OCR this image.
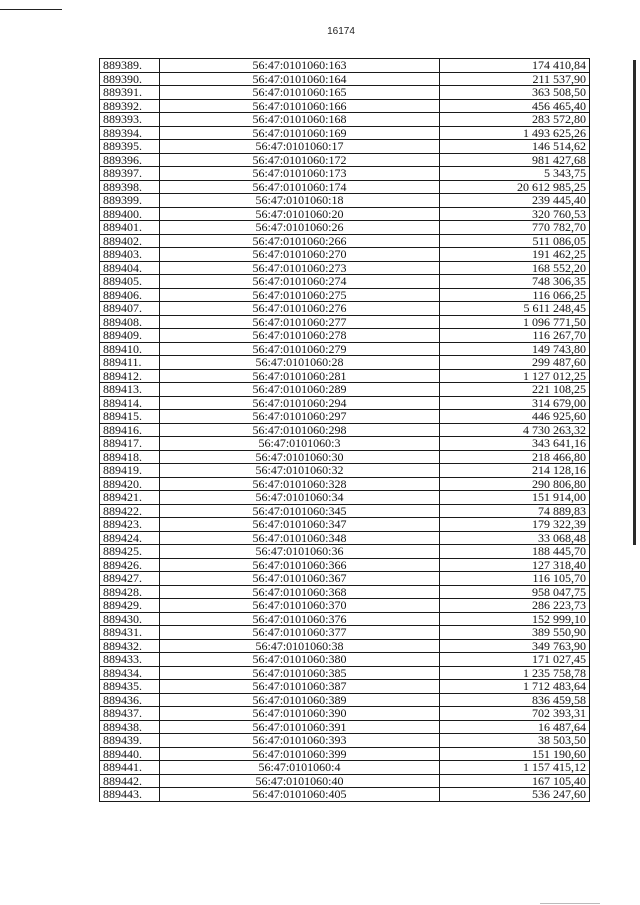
16174
889389.	56:47:0101060:163	174 410,84
889390.	56:47:0101060:164	211 537,90
889391.	56:47:0101060:165	363 508,50
889392.	56:47:0101060:166	456 465,40
889393.	56:47:0101060:168	283 572,80
889394.	56:47:0101060:169	1 493 625,26
889395.	56:47:0101060:17	146 514,62
889396.	56:47:0101060:172	981 427,68
889397.	56:47:0101060:173	5 343,75
889398.	56:47:0101060:174	20 612 985,25
889399.	56:47:0101060:18	239 445,40
889400.	56:47:0101060:20	320 760,53
889401.	56:47:0101060:26	770 782,70
889402.	56:47:0101060:266	511 086,05
889403.	56:47:0101060:270	191 462,25
889404.	56:47:0101060:273	168 552,20
889405.	56:47:0101060:274	748 306,35
889406.	56:47:0101060:275	116 066,25
889407.	56:47:0101060:276	5 611 248,45
889408.	56:47:0101060:277	1 096 771,50
889409.	56:47:0101060:278	116 267,70
889410.	56:47:0101060:279	149 743,80
889411.	56:47:0101060:28	299 487,60
889412.	56:47:0101060:281	1 127 012,25
889413.	56:47:0101060:289	221 108,25
889414.	56:47:0101060:294	314 679,00
889415.	56:47:0101060:297	446 925,60
889416.	56:47:0101060:298	4 730 263,32
889417.	56:47:0101060:3	343 641,16
889418.	56:47:0101060:30	218 466,80
889419.	56:47:0101060:32	214 128,16
889420.	56:47:0101060:328	290 806,80
889421.	56:47:0101060:34	151 914,00
889422.	56:47:0101060:345	74 889,83
889423.	56:47:0101060:347	179 322,39
889424.	56:47:0101060:348	33 068,48
889425.	56:47:0101060:36	188 445,70
889426.	56:47:0101060:366	127 318,40
889427.	56:47:0101060:367	116 105,70
889428.	56:47:0101060:368	958 047,75
889429.	56:47:0101060:370	286 223,73
889430.	56:47:0101060:376	152 999,10
889431.	56:47:0101060:377	389 550,90
889432.	56:47:0101060:38	349 763,90
889433.	56:47:0101060:380	171 027,45
889434.	56:47:0101060:385	1 235 758,78
889435.	56:47:0101060:387	1 712 483,64
889436.	56:47:0101060:389	836 459,58
889437.	56:47:0101060:390	702 393,31
889438.	56:47:0101060:391	16 487,64
889439.	56:47:0101060:393	38 503,50
889440.	56:47:0101060:399	151 190,60
889441.	56:47:0101060:4	1 157 415,12
889442.	56:47:0101060:40	167 105,40
889443.	56:47:0101060:405	536 247,60
